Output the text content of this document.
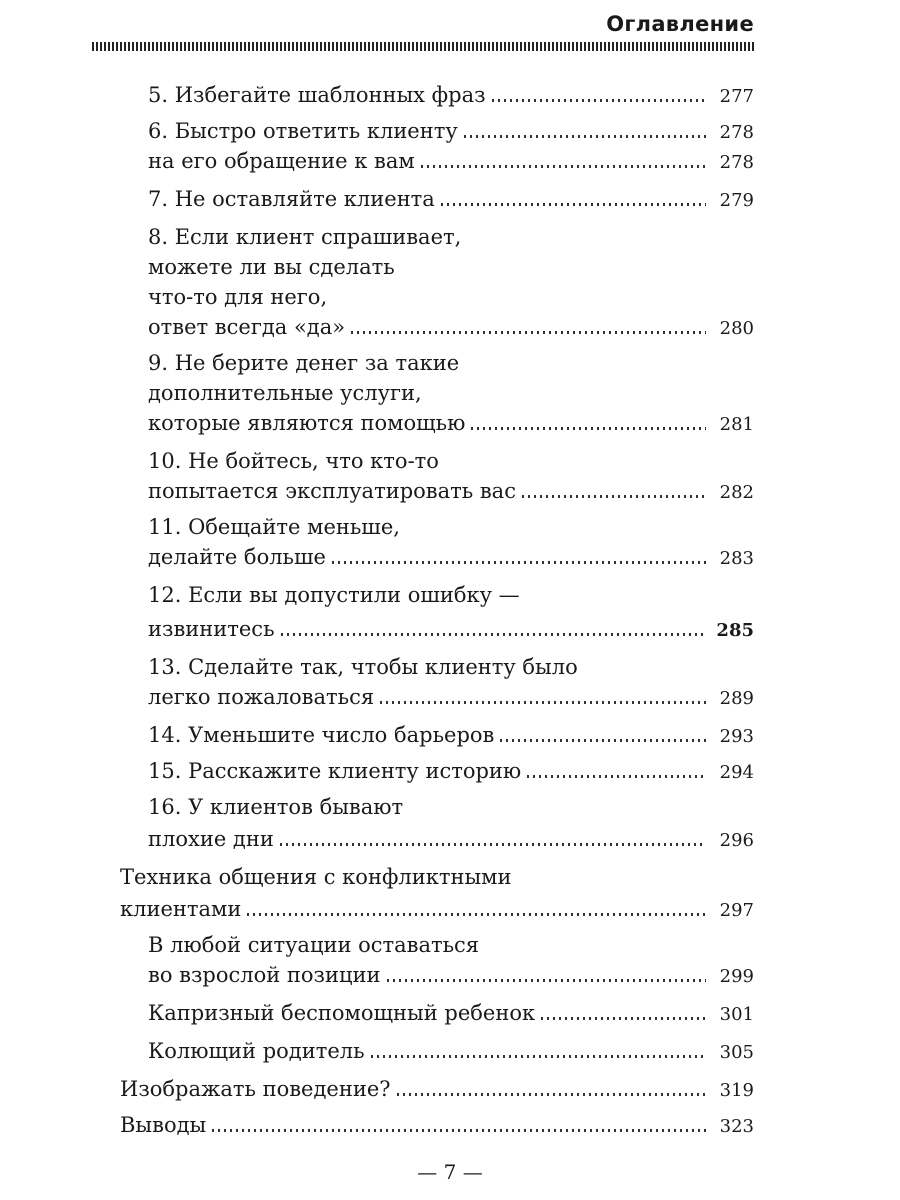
Оглавление
5. Избегайте шаблонных фраз	277
6. Быстро ответить клиенту	278
на его обращение к вам	278
7. Не оставляйте клиента	279
8. Если клиент спрашивает,
можете ли вы сделать
что-то для него,
ответ всегда «да»	280
9. Не берите денег за такие
дополнительные услуги,
которые являются помощью	281
10. Не бойтесь, что кто-то
попытается эксплуатировать вас	282
11. Обещайте меньше,
делайте больше	283
12. Если вы допустили ошибку —
извинитесь	285
13. Сделайте так, чтобы клиенту было
легко пожаловаться	289
14. Уменьшите число барьеров	293
15. Расскажите клиенту историю	294
16. У клиентов бывают
плохие дни	296
Техника общения с конфликтными
клиентами	297
В любой ситуации оставаться
во взрослой позиции	299
Капризный беспомощный ребенок	301
Колющий родитель	305
Изображать поведение?	319
Выводы	323
— 7 —
